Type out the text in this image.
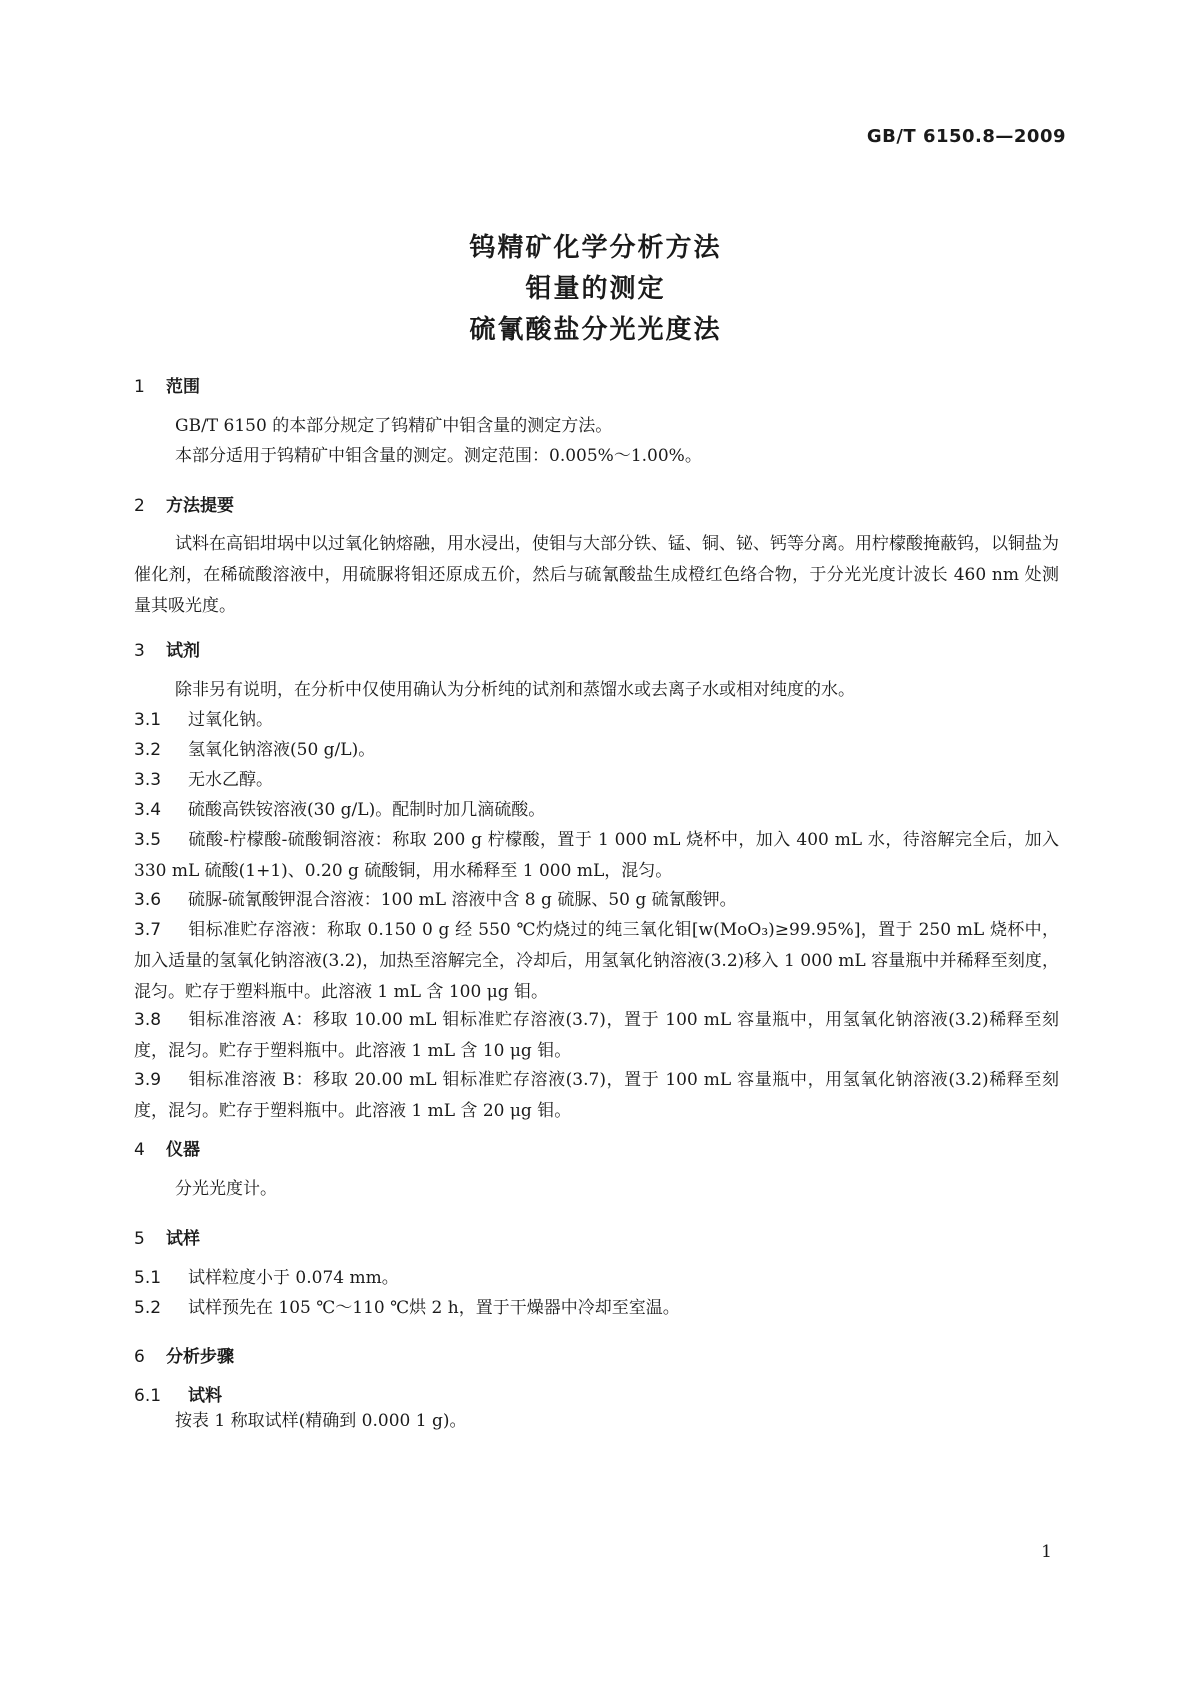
GB/T 6150.8—2009
钨精矿化学分析方法
钼量的测定
硫氰酸盐分光光度法
1 范围
GB/T 6150 的本部分规定了钨精矿中钼含量的测定方法。
本部分适用于钨精矿中钼含量的测定。测定范围：0.005%～1.00%。
2 方法提要
试料在高铝坩埚中以过氧化钠熔融，用水浸出，使钼与大部分铁、锰、铜、铋、钙等分离。用柠檬酸掩蔽钨，以铜盐为催化剂，在稀硫酸溶液中，用硫脲将钼还原成五价，然后与硫氰酸盐生成橙红色络合物，于分光光度计波长 460 nm 处测量其吸光度。
3 试剂
除非另有说明，在分析中仅使用确认为分析纯的试剂和蒸馏水或去离子水或相对纯度的水。
3.1 过氧化钠。
3.2 氢氧化钠溶液(50 g/L)。
3.3 无水乙醇。
3.4 硫酸高铁铵溶液(30 g/L)。配制时加几滴硫酸。
3.5 硫酸-柠檬酸-硫酸铜溶液：称取 200 g 柠檬酸，置于 1 000 mL 烧杯中，加入 400 mL 水，待溶解完全后，加入 330 mL 硫酸(1+1)、0.20 g 硫酸铜，用水稀释至 1 000 mL，混匀。
3.6 硫脲-硫氰酸钾混合溶液：100 mL 溶液中含 8 g 硫脲、50 g 硫氰酸钾。
3.7 钼标准贮存溶液：称取 0.150 0 g 经 550 ℃灼烧过的纯三氧化钼[w(MoO₃)≥99.95%]，置于 250 mL 烧杯中，加入适量的氢氧化钠溶液(3.2)，加热至溶解完全，冷却后，用氢氧化钠溶液(3.2)移入 1 000 mL 容量瓶中并稀释至刻度，混匀。贮存于塑料瓶中。此溶液 1 mL 含 100 μg 钼。
3.8 钼标准溶液 A：移取 10.00 mL 钼标准贮存溶液(3.7)，置于 100 mL 容量瓶中，用氢氧化钠溶液(3.2)稀释至刻度，混匀。贮存于塑料瓶中。此溶液 1 mL 含 10 μg 钼。
3.9 钼标准溶液 B：移取 20.00 mL 钼标准贮存溶液(3.7)，置于 100 mL 容量瓶中，用氢氧化钠溶液(3.2)稀释至刻度，混匀。贮存于塑料瓶中。此溶液 1 mL 含 20 μg 钼。
4 仪器
分光光度计。
5 试样
5.1 试样粒度小于 0.074 mm。
5.2 试样预先在 105 ℃～110 ℃烘 2 h，置于干燥器中冷却至室温。
6 分析步骤
6.1 试料
按表 1 称取试样(精确到 0.000 1 g)。
1
